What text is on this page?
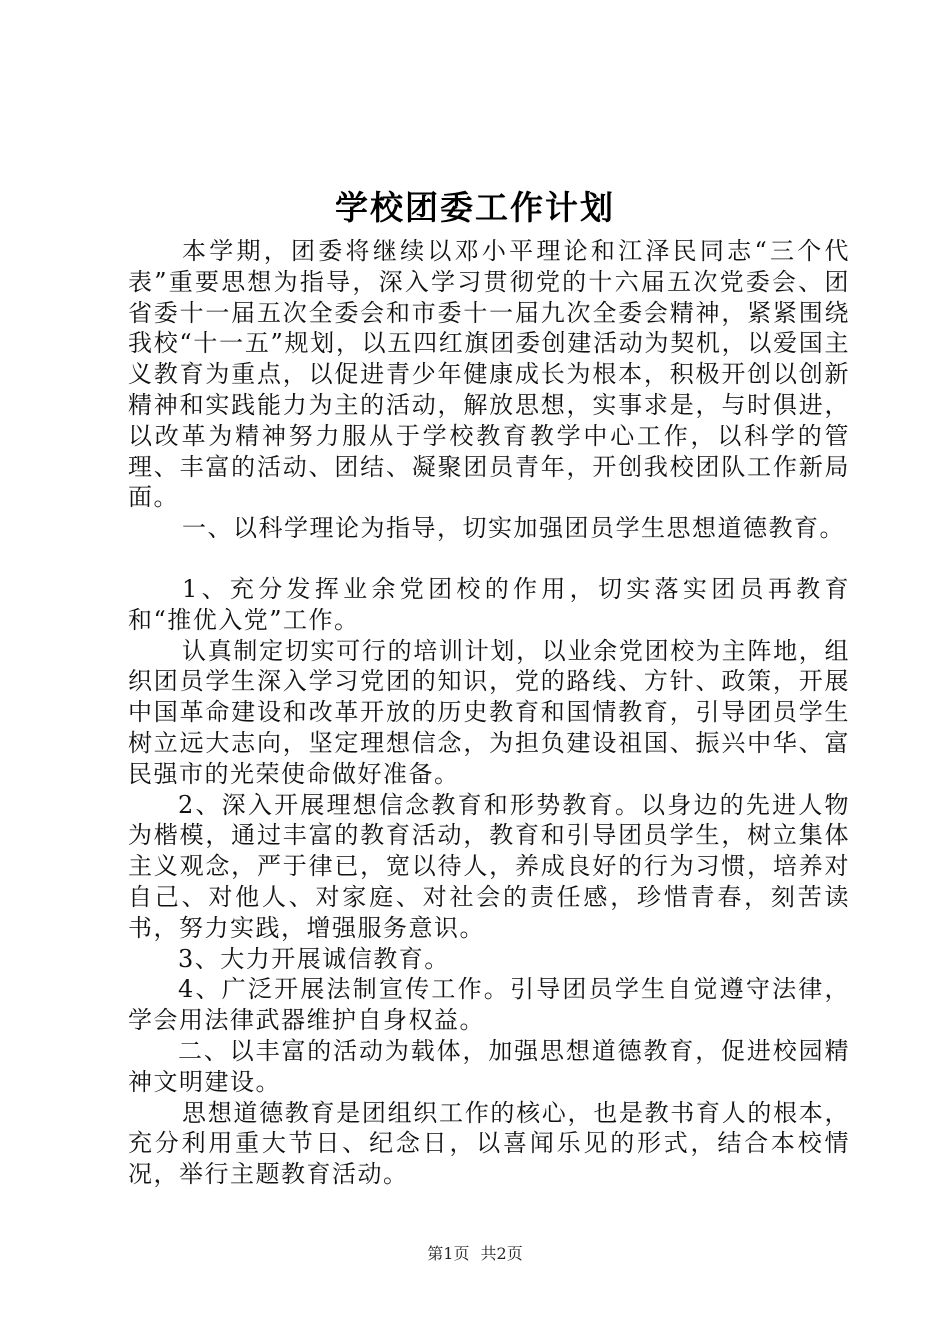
学校团委工作计划

本学期，团委将继续以邓小平理论和江泽民同志“三个代表”重要思想为指导，深入学习贯彻党的十六届五次党委会、团省委十一届五次全委会和市委十一届九次全委会精神，紧紧围绕我校“十一五”规划，以五四红旗团委创建活动为契机，以爱国主义教育为重点，以促进青少年健康成长为根本，积极开创以创新精神和实践能力为主的活动，解放思想，实事求是，与时俱进，以改革为精神努力服从于学校教育教学中心工作，以科学的管理、丰富的活动、团结、凝聚团员青年，开创我校团队工作新局面。

一、以科学理论为指导，切实加强团员学生思想道德教育。

1、充分发挥业余党团校的作用，切实落实团员再教育和“推优入党”工作。

认真制定切实可行的培训计划，以业余党团校为主阵地，组织团员学生深入学习党团的知识，党的路线、方针、政策，开展中国革命建设和改革开放的历史教育和国情教育，引导团员学生树立远大志向，坚定理想信念，为担负建设祖国、振兴中华、富民强市的光荣使命做好准备。

2、深入开展理想信念教育和形势教育。以身边的先进人物为楷模，通过丰富的教育活动，教育和引导团员学生，树立集体主义观念，严于律已，宽以待人，养成良好的行为习惯，培养对自己、对他人、对家庭、对社会的责任感，珍惜青春，刻苦读书，努力实践，增强服务意识。

3、大力开展诚信教育。

4、广泛开展法制宣传工作。引导团员学生自觉遵守法律，学会用法律武器维护自身权益。

二、以丰富的活动为载体，加强思想道德教育，促进校园精神文明建设。

思想道德教育是团组织工作的核心，也是教书育人的根本，充分利用重大节日、纪念日，以喜闻乐见的形式，结合本校情况，举行主题教育活动。

第1页 共2页
